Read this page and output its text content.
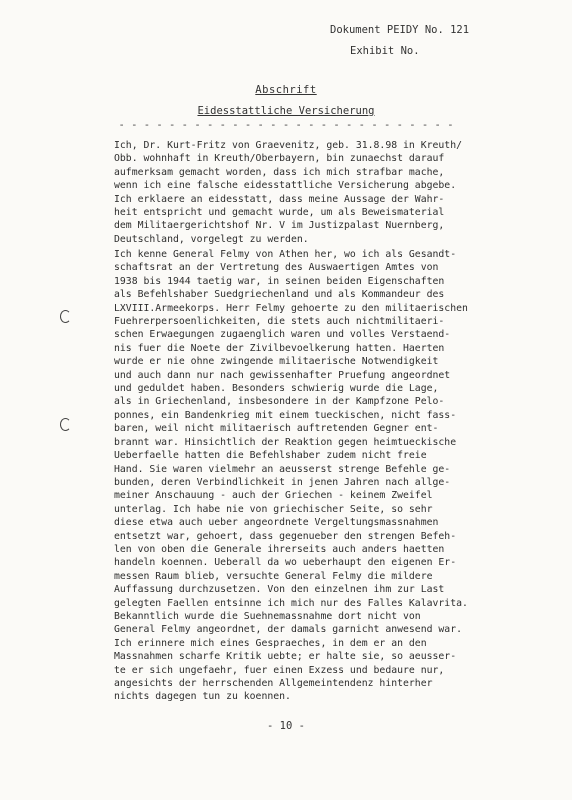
Dokument PEIDY No. 121
Exhibit No.
Abschrift
Eidesstattliche Versicherung
- - - - - - - - - - - - - - - - - - - - - - - - - - -
Ich, Dr. Kurt-Fritz von Graevenitz, geb. 31.8.98 in Kreuth/
Obb. wohnhaft in Kreuth/Oberbayern, bin zunaechst darauf
aufmerksam gemacht worden, dass ich mich strafbar mache,
wenn ich eine falsche eidesstattliche Versicherung abgebe.
Ich erklaere an eidesstatt, dass meine Aussage der Wahr-
heit entspricht und gemacht wurde, um als Beweismaterial
dem Militaergerichtshof Nr. V im Justizpalast Nuernberg,
Deutschland, vorgelegt zu werden.
Ich kenne General Felmy von Athen her, wo ich als Gesandt-
schaftsrat an der Vertretung des Auswaertigen Amtes von
1938 bis 1944 taetig war, in seinen beiden Eigenschaften
als Befehlshaber Suedgriechenland und als Kommandeur des
LXVIII.Armeekorps. Herr Felmy gehoerte zu den militaerischen
Fuehrerpersoenlichkeiten, die stets auch nichtmilitaeri-
schen Erwaegungen zugaenglich waren und volles Verstaend-
nis fuer die Noete der Zivilbevoelkerung hatten. Haerten
wurde er nie ohne zwingende militaerische Notwendigkeit
und auch dann nur nach gewissenhafter Pruefung angeordnet
und geduldet haben. Besonders schwierig wurde die Lage,
als in Griechenland, insbesondere in der Kampfzone Pelo-
ponnes, ein Bandenkrieg mit einem tueckischen, nicht fass-
baren, weil nicht militaerisch auftretenden Gegner ent-
brannt war. Hinsichtlich der Reaktion gegen heimtueckische
Ueberfaelle hatten die Befehlshaber zudem nicht freie
Hand. Sie waren vielmehr an aeusserst strenge Befehle ge-
bunden, deren Verbindlichkeit in jenen Jahren nach allge-
meiner Anschauung - auch der Griechen - keinem Zweifel
unterlag. Ich habe nie von griechischer Seite, so sehr
diese etwa auch ueber angeordnete Vergeltungsmassnahmen
entsetzt war, gehoert, dass gegenueber den strengen Befeh-
len von oben die Generale ihrerseits auch anders haetten
handeln koennen. Ueberall da wo ueberhaupt den eigenen Er-
messen Raum blieb, versuchte General Felmy die mildere
Auffassung durchzusetzen. Von den einzelnen ihm zur Last
gelegten Faellen entsinne ich mich nur des Falles Kalavrita.
Bekanntlich wurde die Suehnemassnahme dort nicht von
General Felmy angeordnet, der damals garnicht anwesend war.
Ich erinnere mich eines Gespraeches, in dem er an den
Massnahmen scharfe Kritik uebte; er halte sie, so aeusser-
te er sich ungefaehr, fuer einen Exzess und bedaure nur,
angesichts der herrschenden Allgemeintendenz hinterher
nichts dagegen tun zu koennen.
- 10 -
